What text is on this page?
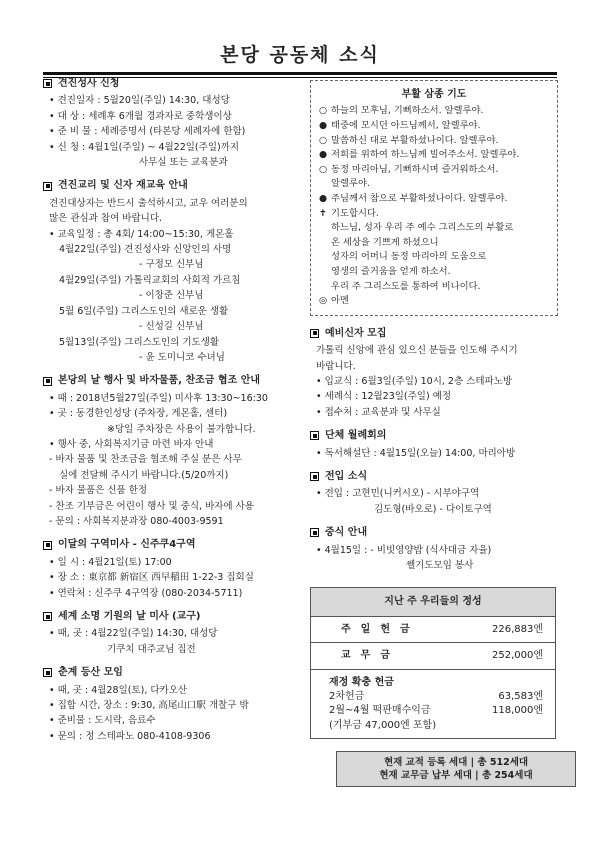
본당 공동체 소식
견진성사 신청
• 견진일자 : 5월20일(주일) 14:30, 대성당
• 대 상 : 세례후 6개월 경과자로 중학생이상
• 준 비 물 : 세례증명서 (타본당 세례자에 한함)
• 신 청 : 4월1일(주일) ~ 4월22일(주일)까지
사무실 또는 교육분과
견진교리 및 신자 재교육 안내
견진대상자는 반드시 출석하시고, 교우 여러분의
많은 관심과 참여 바랍니다.
• 교육일정 : 총 4회/ 14:00~15:30, 게몬홀
4월22일(주일) 견진성사와 신앙인의 사명
- 구정모 신부님
4월29일(주일) 가톨릭교회의 사회적 가르침
- 이창준 신부님
5월 6일(주일) 그리스도인의 새로운 생활
- 신성길 신부님
5월13일(주일) 그리스도인의 기도생활
- 윤 도미니코 수녀님
본당의 날 행사 및 바자물품, 찬조금 협조 안내
• 때 : 2018년5월27일(주일) 미사후 13:30~16:30
• 곳 : 동경한인성당 (주차장, 게몬홀, 센터)
※당일 주차장은 사용이 불가합니다.
• 행사 중, 사회복지기금 마련 바자 안내
- 바자 물품 및 찬조금을 협조해 주실 분은 사무
실에 전달해 주시기 바랍니다.(5/20까지)
- 바자 물품은 신품 한정
- 찬조 기부금은 어린이 행사 및 중식, 바자에 사용
- 문의 : 사회복지분과장 080-4003-9591
이달의 구역미사 - 신주쿠4구역
• 일 시 : 4월21일(토) 17:00
• 장 소 : 東京都 新宿区 西早稲田 1-22-3 집회실
• 연락처 : 신주쿠 4구역장 (080-2034-5711)
세계 소명 기원의 날 미사 (교구)
• 때, 곳 : 4월22일(주일) 14:30, 대성당
기쿠치 대주교님 집전
춘계 등산 모임
• 때, 곳 : 4월28일(토), 다카오산
• 집합 시간, 장소 : 9:30, 高尾山口駅 개찰구 밖
• 준비물 : 도시락, 음료수
• 문의 : 정 스테파노 080-4108-9306
부활 삼종 기도
○ 하늘의 모후님, 기뻐하소서. 알렐루야.
● 태중에 모시던 아드님께서, 알렐루야.
○ 말씀하신 대로 부활하셨나이다. 알렐루야.
● 저희를 위하여 하느님께 빌어주소서. 알렐루야.
○ 동정 마리아님, 기뻐하시며 즐거워하소서.
알렐루야.
● 주님께서 참으로 부활하셨나이다. 알렐루야.
✝ 기도합시다.
하느님, 성자 우리 주 예수 그리스도의 부활로
온 세상을 기쁘게 하셨으니
성자의 어머니 동정 마리아의 도움으로
영생의 즐거움을 얻게 하소서.
우리 주 그리스도를 통하여 비나이다.
◎ 아멘
예비신자 모집
가톨릭 신앙에 관심 있으신 분들을 인도해 주시기
바랍니다.
• 입교식 : 6월3일(주일) 10시, 2층 스테파노방
• 세례식 : 12월23일(주일) 예정
• 접수처 : 교육분과 및 사무실
단체 월례회의
• 독서해설단 : 4월15일(오늘) 14:00, 마리아방
전입 소식
• 전입 : 고현민(니커시오) - 시부야구역
김도형(바오로) - 다이토구역
중식 안내
• 4월15일 : - 비빗영양밥 (식사대금 자율)
쎌기도모임 봉사
지난 주 우리들의 정성
주일헌금	226,883엔
교무금	252,000엔
재정 확충 헌금
2차헌금	63,583엔
2월~4월 떡판매수익금	118,000엔
(기부금 47,000엔 포함)
현재 교적 등록 세대 | 총 512세대
현재 교무금 납부 세대 | 총 254세대
